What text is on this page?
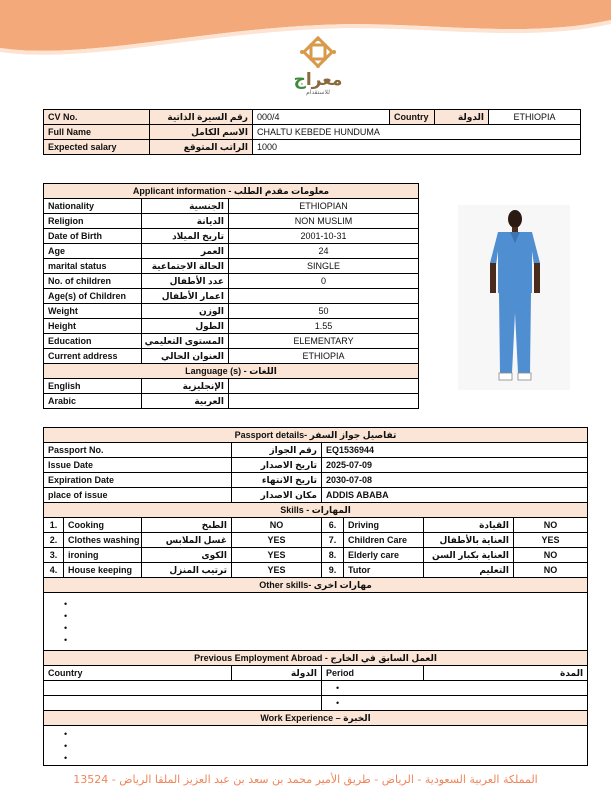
معراج
للاستقدام
CV No.	رقم السيرة الذاتية	000/4	Country	الدولة	ETHIOPIA
Full Name	الاسم الكامل	CHALTU KEBEDE HUNDUMA			
Expected salary	الراتب المتوقع	1000			
Applicant information - معلومات مقدم الطلب		
Nationality	الجنسية	ETHIOPIAN
Religion	الديانة	NON MUSLIM
Date of Birth	تاريخ الميلاد	2001-10-31
Age	العمر	24
marital status	الحالة الاجتماعية	SINGLE
No. of children	عدد الأطفال	0
Age(s) of Children	اعمار الأطفال	
Weight	الوزن	50
Height	الطول	1.55
Education	المستوى التعليمي	ELEMENTARY
Current address	العنوان الحالي	ETHIOPIA
Language (s) - اللغات		
English	الإنجليزية	
Arabic	العربية	
Passport details- تفاصيل جواز السفر							
Passport No.			رقم الجواز	EQ1536944			
Issue Date			تاريخ الاصدار	2025-07-09			
Expiration Date			تاريخ الانتهاء	2030-07-08			
place of issue			مكان الاصدار	ADDIS ABABA			
Skills - المهارات							
1.	Cooking	الطبخ	NO	6.	Driving	القيادة	NO
2.	Clothes washing	غسل الملابس	YES	7.	Children Care	العناية بالأطفال	YES
3.	ironing	الكوى	YES	8.	Elderly care	العناية بكبار السن	NO
4.	House keeping	ترتيب المنزل	YES	9.	Tutor	التعليم	NO
Other skills- مهارات اخرى							

•
•
•
•

Previous Employment Abroad - العمل السابق في الخارج							
Country			الدولة	Period		المدة	

•

•

Work Experience – الخبرة							

•
•
•
المملكة العربية السعودية - الرياض - طريق الأمير محمد بن سعد بن عبد العزيز الملقا الرياض - 13524
